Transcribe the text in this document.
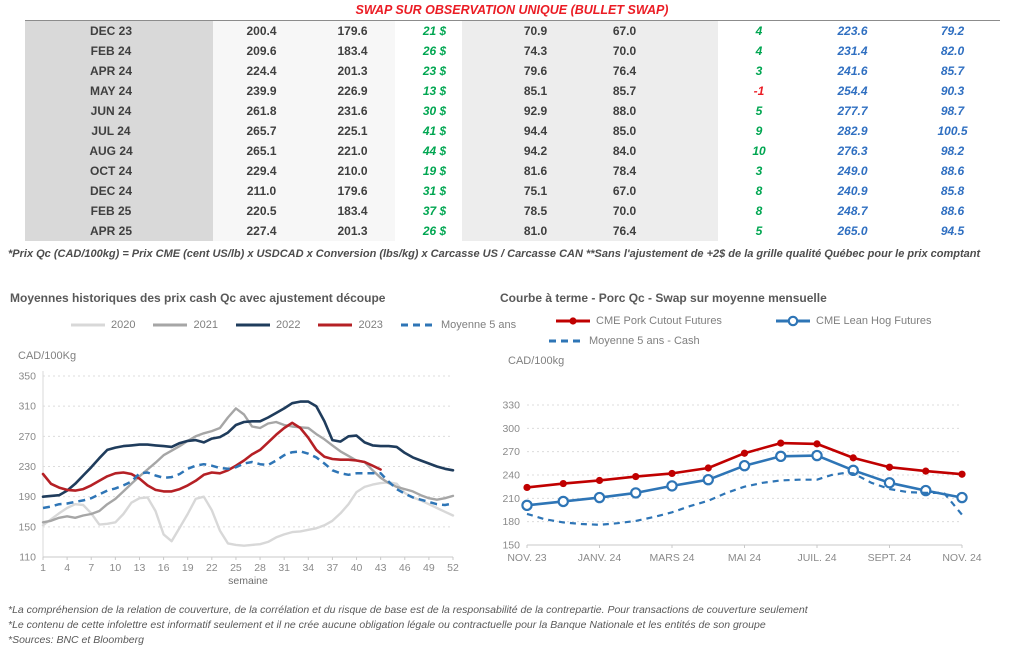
SWAP SUR OBSERVATION UNIQUE (BULLET SWAP)
DEC 23	200.4	179.6	21 $	70.9	67.0	4	223.6	79.2
FEB 24	209.6	183.4	26 $	74.3	70.0	4	231.4	82.0
APR 24	224.4	201.3	23 $	79.6	76.4	3	241.6	85.7
MAY 24	239.9	226.9	13 $	85.1	85.7	-1	254.4	90.3
JUN 24	261.8	231.6	30 $	92.9	88.0	5	277.7	98.7
JUL 24	265.7	225.1	41 $	94.4	85.0	9	282.9	100.5
AUG 24	265.1	221.0	44 $	94.2	84.0	10	276.3	98.2
OCT 24	229.4	210.0	19 $	81.6	78.4	3	249.0	88.6
DEC 24	211.0	179.6	31 $	75.1	67.0	8	240.9	85.8
FEB 25	220.5	183.4	37 $	78.5	70.0	8	248.7	88.6
APR 25	227.4	201.3	26 $	81.0	76.4	5	265.0	94.5
*Prix Qc (CAD/100kg) = Prix CME (cent US/lb) x USDCAD x Conversion (lbs/kg) x Carcasse US / Carcasse CAN **Sans l'ajustement de +2$ de la grille qualité Québec pour le prix comptant
Moyennes historiques des prix cash Qc avec ajustement découpe
2020	2021	2022	2023	Moyenne 5 ans
CAD/100Kg
110
150
190
230
270
310
350
1 4 7 10 13 16 19 22 25 28 31 34 37 40 43 46 49 52
semaine
Courbe à terme - Porc Qc - Swap sur moyenne mensuelle
CME Pork Cutout Futures	CME Lean Hog Futures
Moyenne 5 ans - Cash
CAD/100kg
150
180
210
240
270
300
330
NOV. 23	JANV. 24	MARS 24	MAI 24	JUIL. 24	SEPT. 24	NOV. 24
*La compréhension de la relation de couverture, de la corrélation et du risque de base est de la responsabilité de la contrepartie. Pour transactions de couverture seulement
*Le contenu de cette infolettre est informatif seulement et il ne crée aucune obligation légale ou contractuelle pour la Banque Nationale et les entités de son groupe
*Sources: BNC et Bloomberg
